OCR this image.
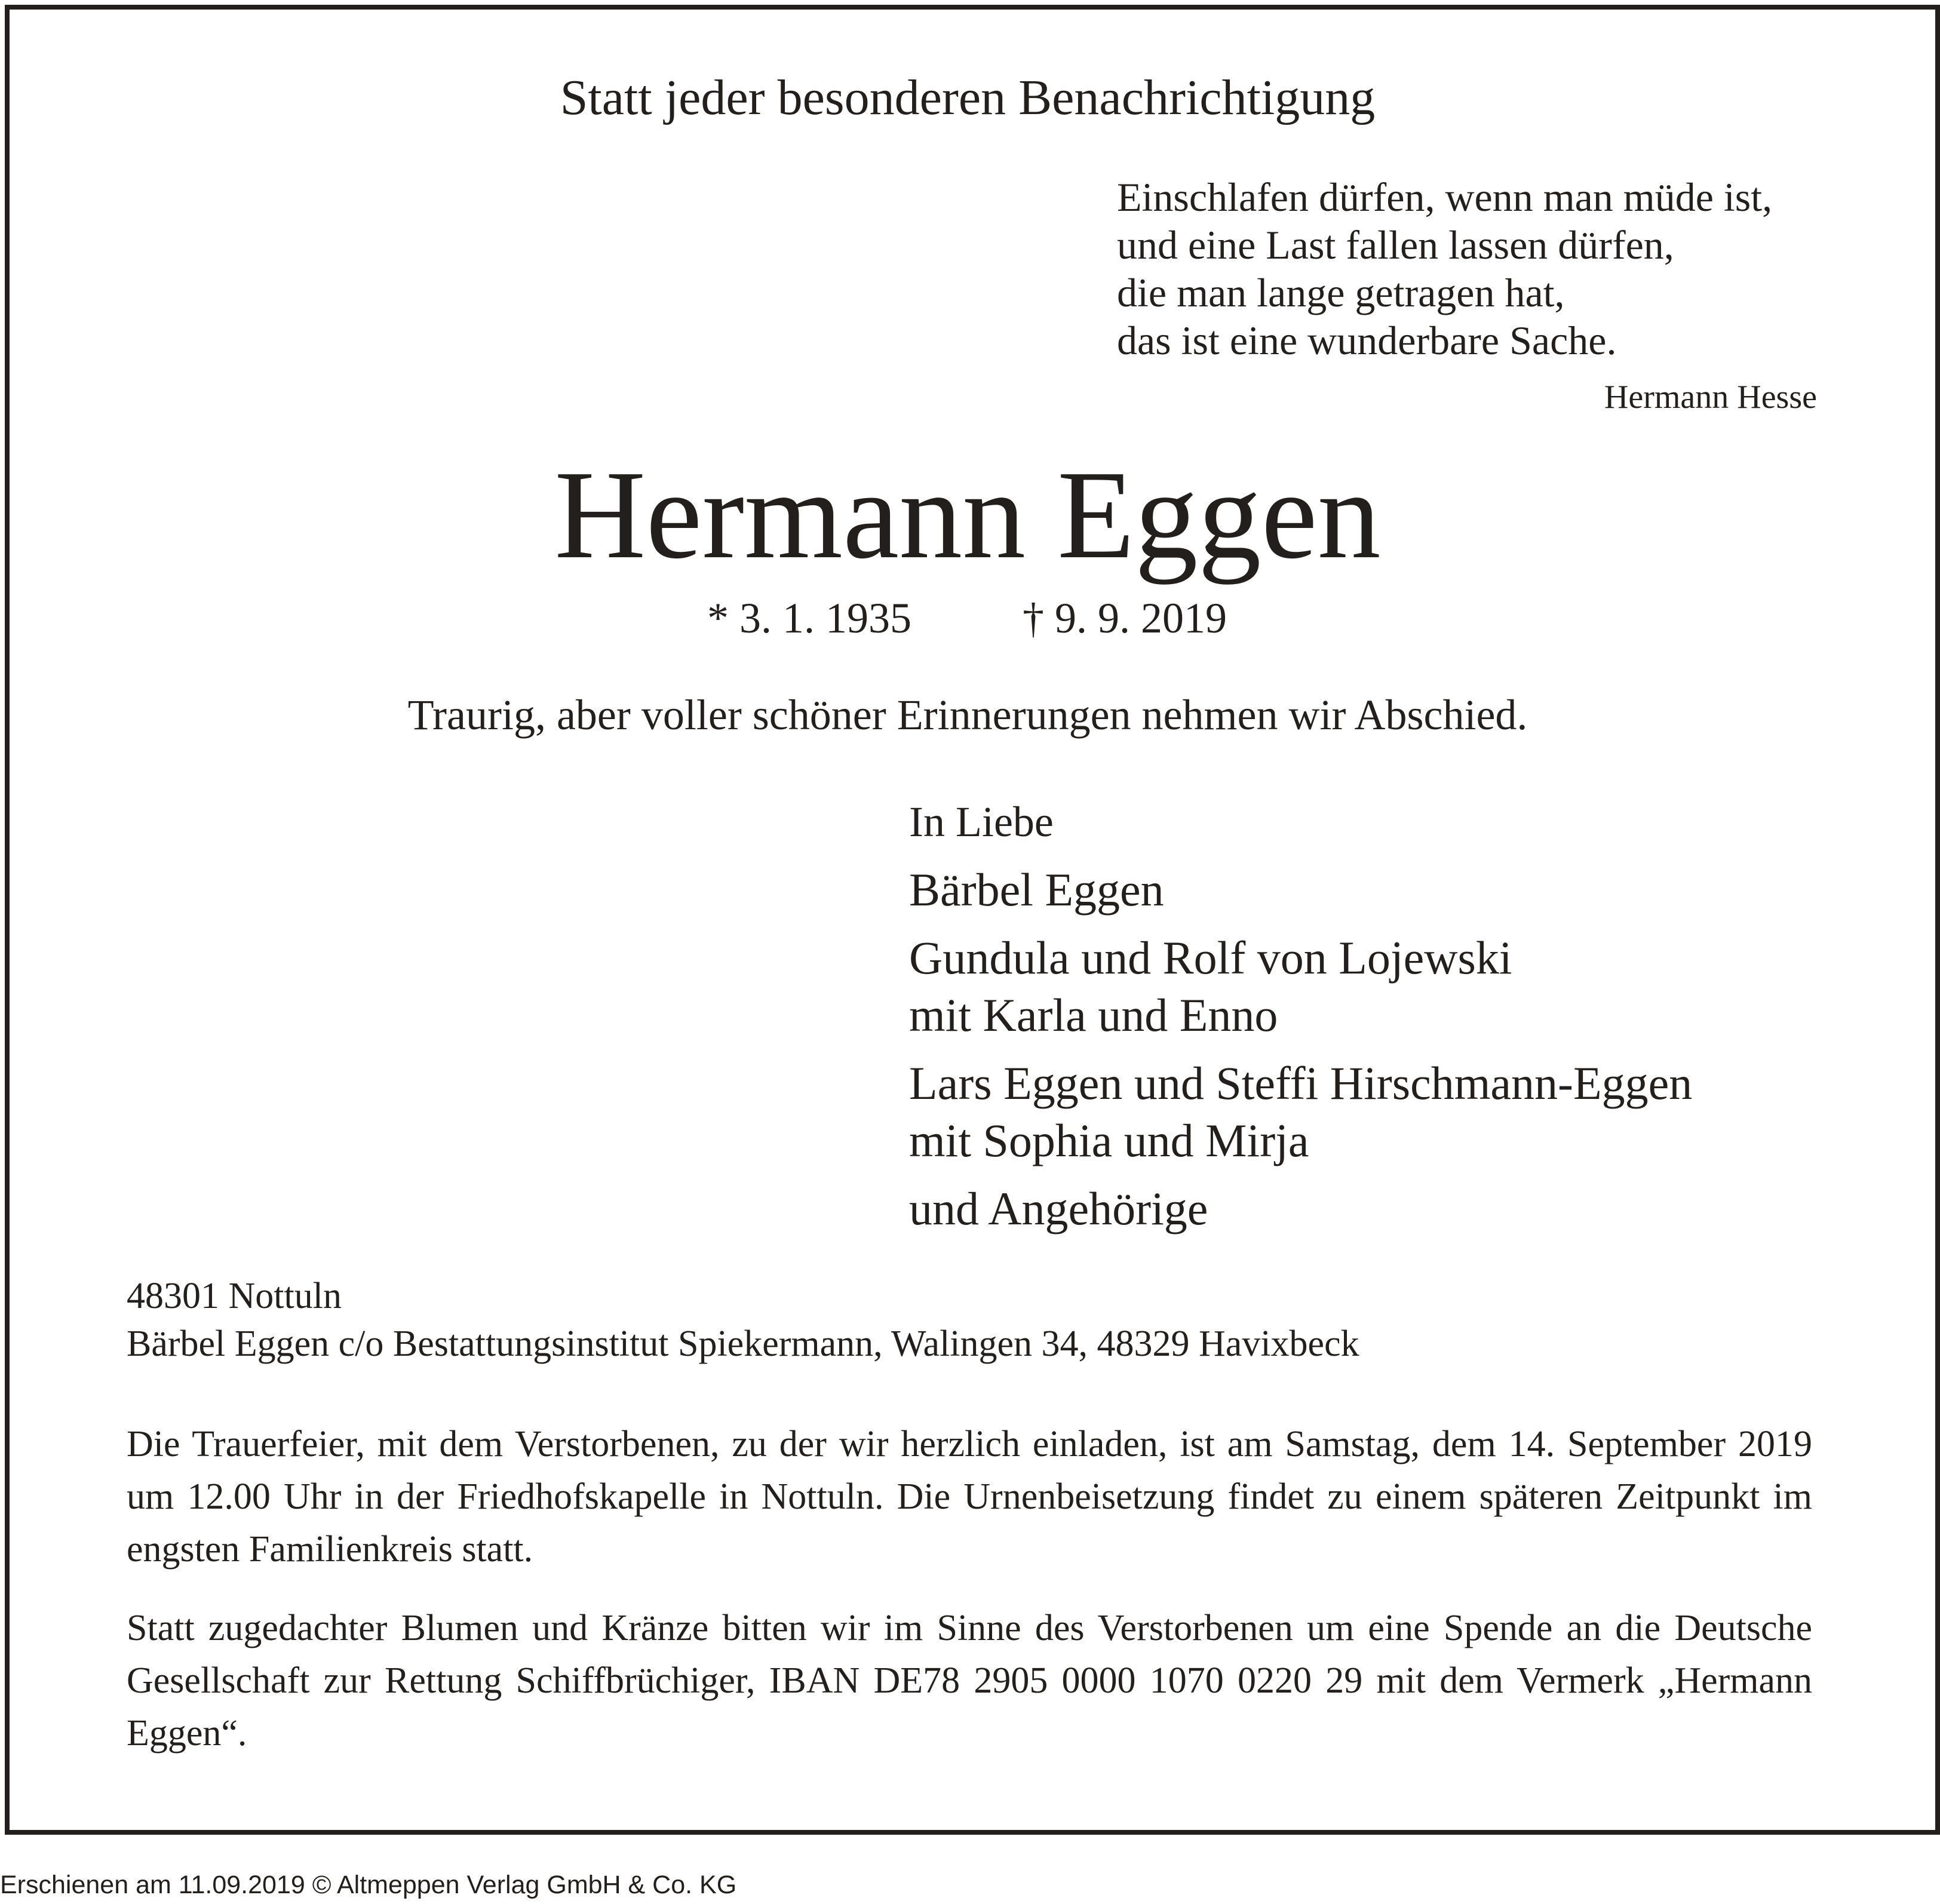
Statt jeder besonderen Benachrichtigung
Einschlafen dürfen, wenn man müde ist,
und eine Last fallen lassen dürfen,
die man lange getragen hat,
das ist eine wunderbare Sache.
Hermann Hesse
Hermann Eggen
* 3. 1. 1935	† 9. 9. 2019
Traurig, aber voller schöner Erinnerungen nehmen wir Abschied.
In Liebe
Bärbel Eggen
Gundula und Rolf von Lojewski
mit Karla und Enno
Lars Eggen und Steffi Hirschmann-Eggen
mit Sophia und Mirja
und Angehörige
48301 Nottuln
Bärbel Eggen c/o Bestattungsinstitut Spiekermann, Walingen 34, 48329 Havixbeck
Die Trauerfeier, mit dem Verstorbenen, zu der wir herzlich einladen, ist am Samstag, dem 14. September 2019 um 12.00 Uhr in der Friedhofskapelle in Nottuln. Die Urnenbeisetzung findet zu einem späteren Zeitpunkt im engsten Familienkreis statt.
Statt zugedachter Blumen und Kränze bitten wir im Sinne des Verstorbenen um eine Spende an die Deutsche Gesellschaft zur Rettung Schiffbrüchiger, IBAN DE78 2905 0000 1070 0220 29 mit dem Vermerk „Hermann Eggen“.
Erschienen am 11.09.2019 © Altmeppen Verlag GmbH & Co. KG
